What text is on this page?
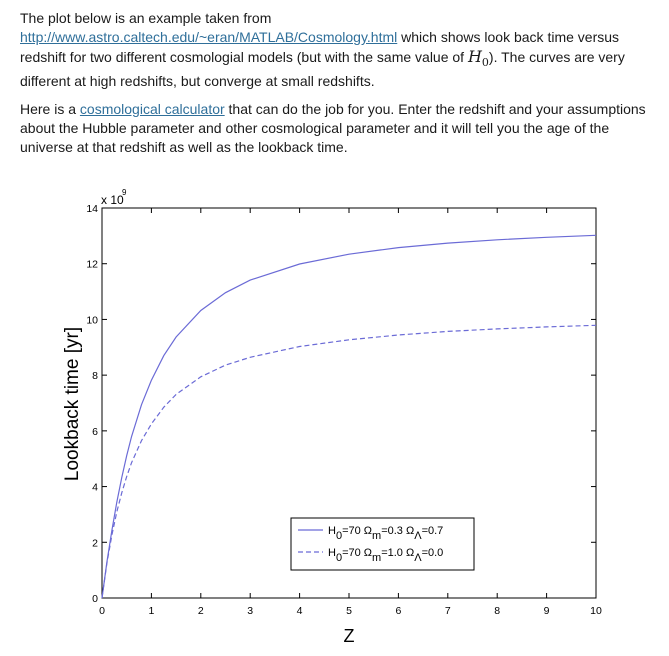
The plot below is an example taken from
http://www.astro.caltech.edu/~eran/MATLAB/Cosmology.html which shows look back time versus redshift for two different cosmologial models (but with the same value of $H_0$). The curves are very different at high redshifts, but converge at small redshifts.
Here is a cosmological calculator that can do the job for you. Enter the redshift and your assumptions about the Hubble parameter and other cosmological parameter and it will tell you the age of the universe at that redshift as well as the lookback time.
0	1	2	3	4	5	6	7	8	9	10
0
2
4
6
8
10
12
14
H0=70 Ωm=0.3 ΩΛ=0.7
H0=70 Ωm=1.0 ΩΛ=0.0
x 10
9
Z
Lookback time [yr]
